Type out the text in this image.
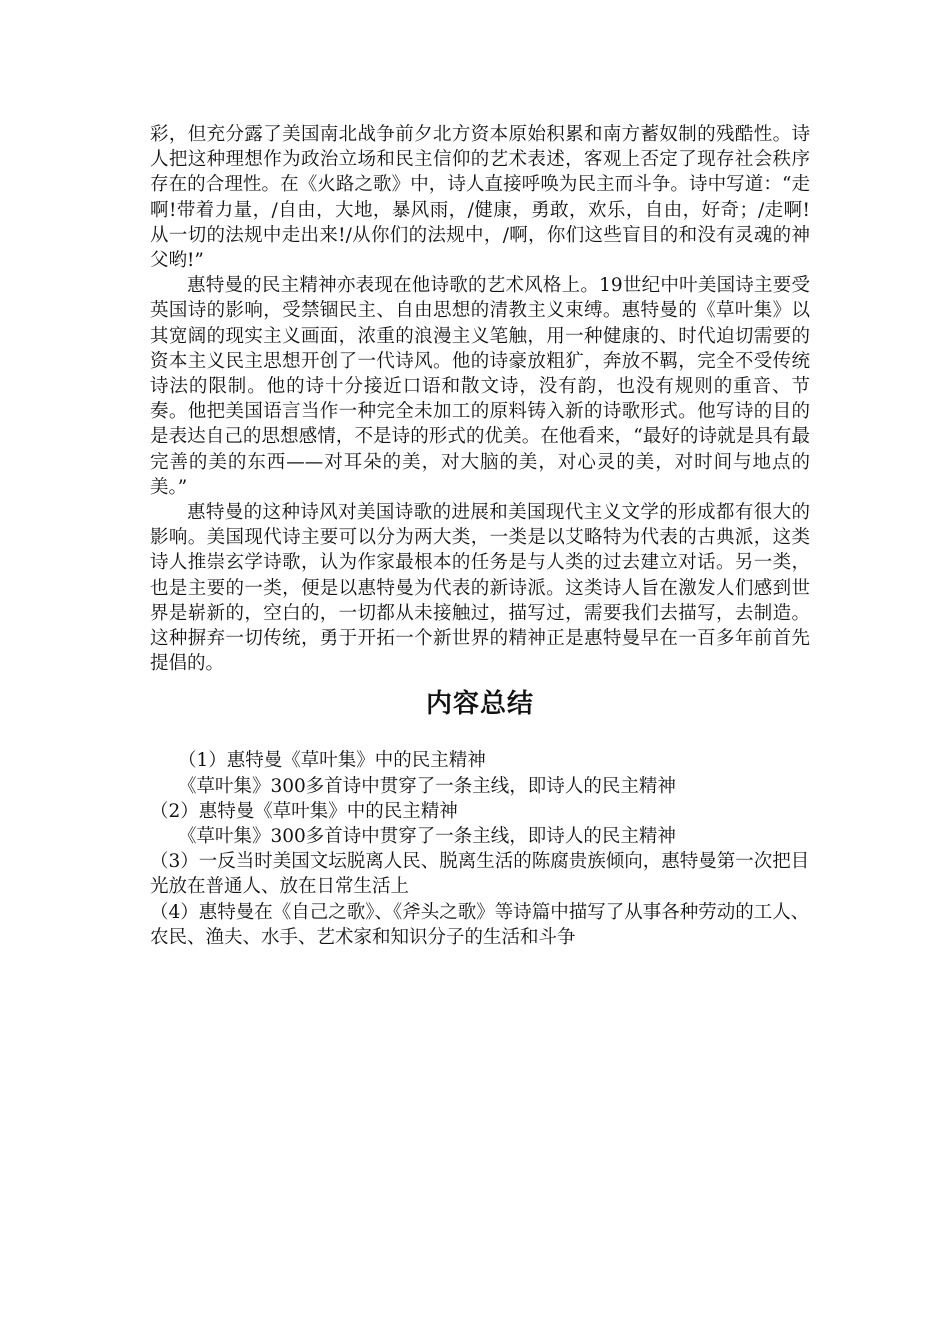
彩，但充分露了美国南北战争前夕北方资本原始积累和南方蓄奴制的残酷性。诗人把这种理想作为政治立场和民主信仰的艺术表述，客观上否定了现存社会秩序存在的合理性。在《火路之歌》中，诗人直接呼唤为民主而斗争。诗中写道：“走啊!带着力量，/自由，大地，暴风雨，/健康，勇敢，欢乐，自由，好奇；/走啊!从一切的法规中走出来!/从你们的法规中，/啊，你们这些盲目的和没有灵魂的神父哟!”

惠特曼的民主精神亦表现在他诗歌的艺术风格上。19世纪中叶美国诗主要受英国诗的影响，受禁锢民主、自由思想的清教主义束缚。惠特曼的《草叶集》以其宽阔的现实主义画面，浓重的浪漫主义笔触，用一种健康的、时代迫切需要的资本主义民主思想开创了一代诗风。他的诗豪放粗犷，奔放不羁，完全不受传统诗法的限制。他的诗十分接近口语和散文诗，没有韵，也没有规则的重音、节奏。他把美国语言当作一种完全未加工的原料铸入新的诗歌形式。他写诗的目的是表达自己的思想感情，不是诗的形式的优美。在他看来，“最好的诗就是具有最完善的美的东西——对耳朵的美，对大脑的美，对心灵的美，对时间与地点的美。”

惠特曼的这种诗风对美国诗歌的进展和美国现代主义文学的形成都有很大的影响。美国现代诗主要可以分为两大类，一类是以艾略特为代表的古典派，这类诗人推崇玄学诗歌，认为作家最根本的任务是与人类的过去建立对话。另一类，也是主要的一类，便是以惠特曼为代表的新诗派。这类诗人旨在激发人们感到世界是崭新的，空白的，一切都从未接触过，描写过，需要我们去描写，去制造。这种摒弃一切传统，勇于开拓一个新世界的精神正是惠特曼早在一百多年前首先提倡的。

内容总结

（1）惠特曼《草叶集》中的民主精神

《草叶集》300多首诗中贯穿了一条主线，即诗人的民主精神

（2）惠特曼《草叶集》中的民主精神

《草叶集》300多首诗中贯穿了一条主线，即诗人的民主精神

（3）一反当时美国文坛脱离人民、脱离生活的陈腐贵族倾向，惠特曼第一次把目光放在普通人、放在日常生活上

（4）惠特曼在《自己之歌》、《斧头之歌》等诗篇中描写了从事各种劳动的工人、农民、渔夫、水手、艺术家和知识分子的生活和斗争
